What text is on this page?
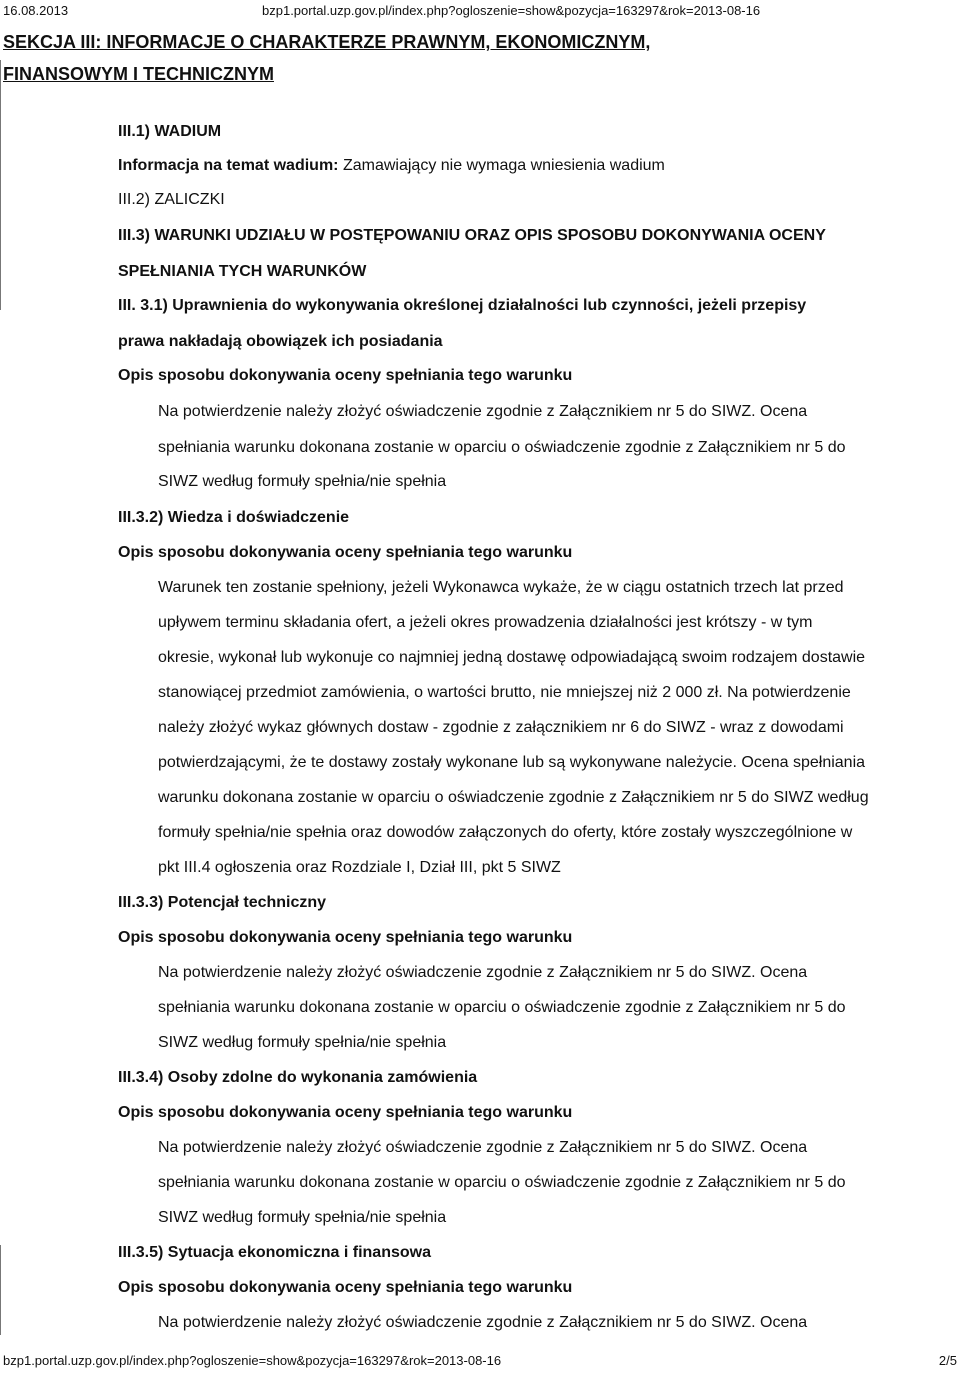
16.08.2013	bzp1.portal.uzp.gov.pl/index.php?ogloszenie=show&pozycja=163297&rok=2013-08-16
SEKCJA III: INFORMACJE O CHARAKTERZE PRAWNYM, EKONOMICZNYM,
FINANSOWYM I TECHNICZNYM
III.1) WADIUM
Informacja na temat wadium: Zamawiający nie wymaga wniesienia wadium
III.2) ZALICZKI
III.3) WARUNKI UDZIAŁU W POSTĘPOWANIU ORAZ OPIS SPOSOBU DOKONYWANIA OCENY
SPEŁNIANIA TYCH WARUNKÓW
III. 3.1) Uprawnienia do wykonywania określonej działalności lub czynności, jeżeli przepisy
prawa nakładają obowiązek ich posiadania
Opis sposobu dokonywania oceny spełniania tego warunku
Na potwierdzenie należy złożyć oświadczenie zgodnie z Załącznikiem nr 5 do SIWZ. Ocena
spełniania warunku dokonana zostanie w oparciu o oświadczenie zgodnie z Załącznikiem nr 5 do
SIWZ według formuły spełnia/nie spełnia
III.3.2) Wiedza i doświadczenie
Opis sposobu dokonywania oceny spełniania tego warunku
Warunek ten zostanie spełniony, jeżeli Wykonawca wykaże, że w ciągu ostatnich trzech lat przed
upływem terminu składania ofert, a jeżeli okres prowadzenia działalności jest krótszy - w tym
okresie, wykonał lub wykonuje co najmniej jedną dostawę odpowiadającą swoim rodzajem dostawie
stanowiącej przedmiot zamówienia, o wartości brutto, nie mniejszej niż 2 000 zł. Na potwierdzenie
należy złożyć wykaz głównych dostaw - zgodnie z załącznikiem nr 6 do SIWZ - wraz z dowodami
potwierdzającymi, że te dostawy zostały wykonane lub są wykonywane należycie. Ocena spełniania
warunku dokonana zostanie w oparciu o oświadczenie zgodnie z Załącznikiem nr 5 do SIWZ według
formuły spełnia/nie spełnia oraz dowodów załączonych do oferty, które zostały wyszczególnione w
pkt III.4 ogłoszenia oraz Rozdziale I, Dział III, pkt 5 SIWZ
III.3.3) Potencjał techniczny
Opis sposobu dokonywania oceny spełniania tego warunku
Na potwierdzenie należy złożyć oświadczenie zgodnie z Załącznikiem nr 5 do SIWZ. Ocena
spełniania warunku dokonana zostanie w oparciu o oświadczenie zgodnie z Załącznikiem nr 5 do
SIWZ według formuły spełnia/nie spełnia
III.3.4) Osoby zdolne do wykonania zamówienia
Opis sposobu dokonywania oceny spełniania tego warunku
Na potwierdzenie należy złożyć oświadczenie zgodnie z Załącznikiem nr 5 do SIWZ. Ocena
spełniania warunku dokonana zostanie w oparciu o oświadczenie zgodnie z Załącznikiem nr 5 do
SIWZ według formuły spełnia/nie spełnia
III.3.5) Sytuacja ekonomiczna i finansowa
Opis sposobu dokonywania oceny spełniania tego warunku
Na potwierdzenie należy złożyć oświadczenie zgodnie z Załącznikiem nr 5 do SIWZ. Ocena
bzp1.portal.uzp.gov.pl/index.php?ogloszenie=show&pozycja=163297&rok=2013-08-16	2/5
